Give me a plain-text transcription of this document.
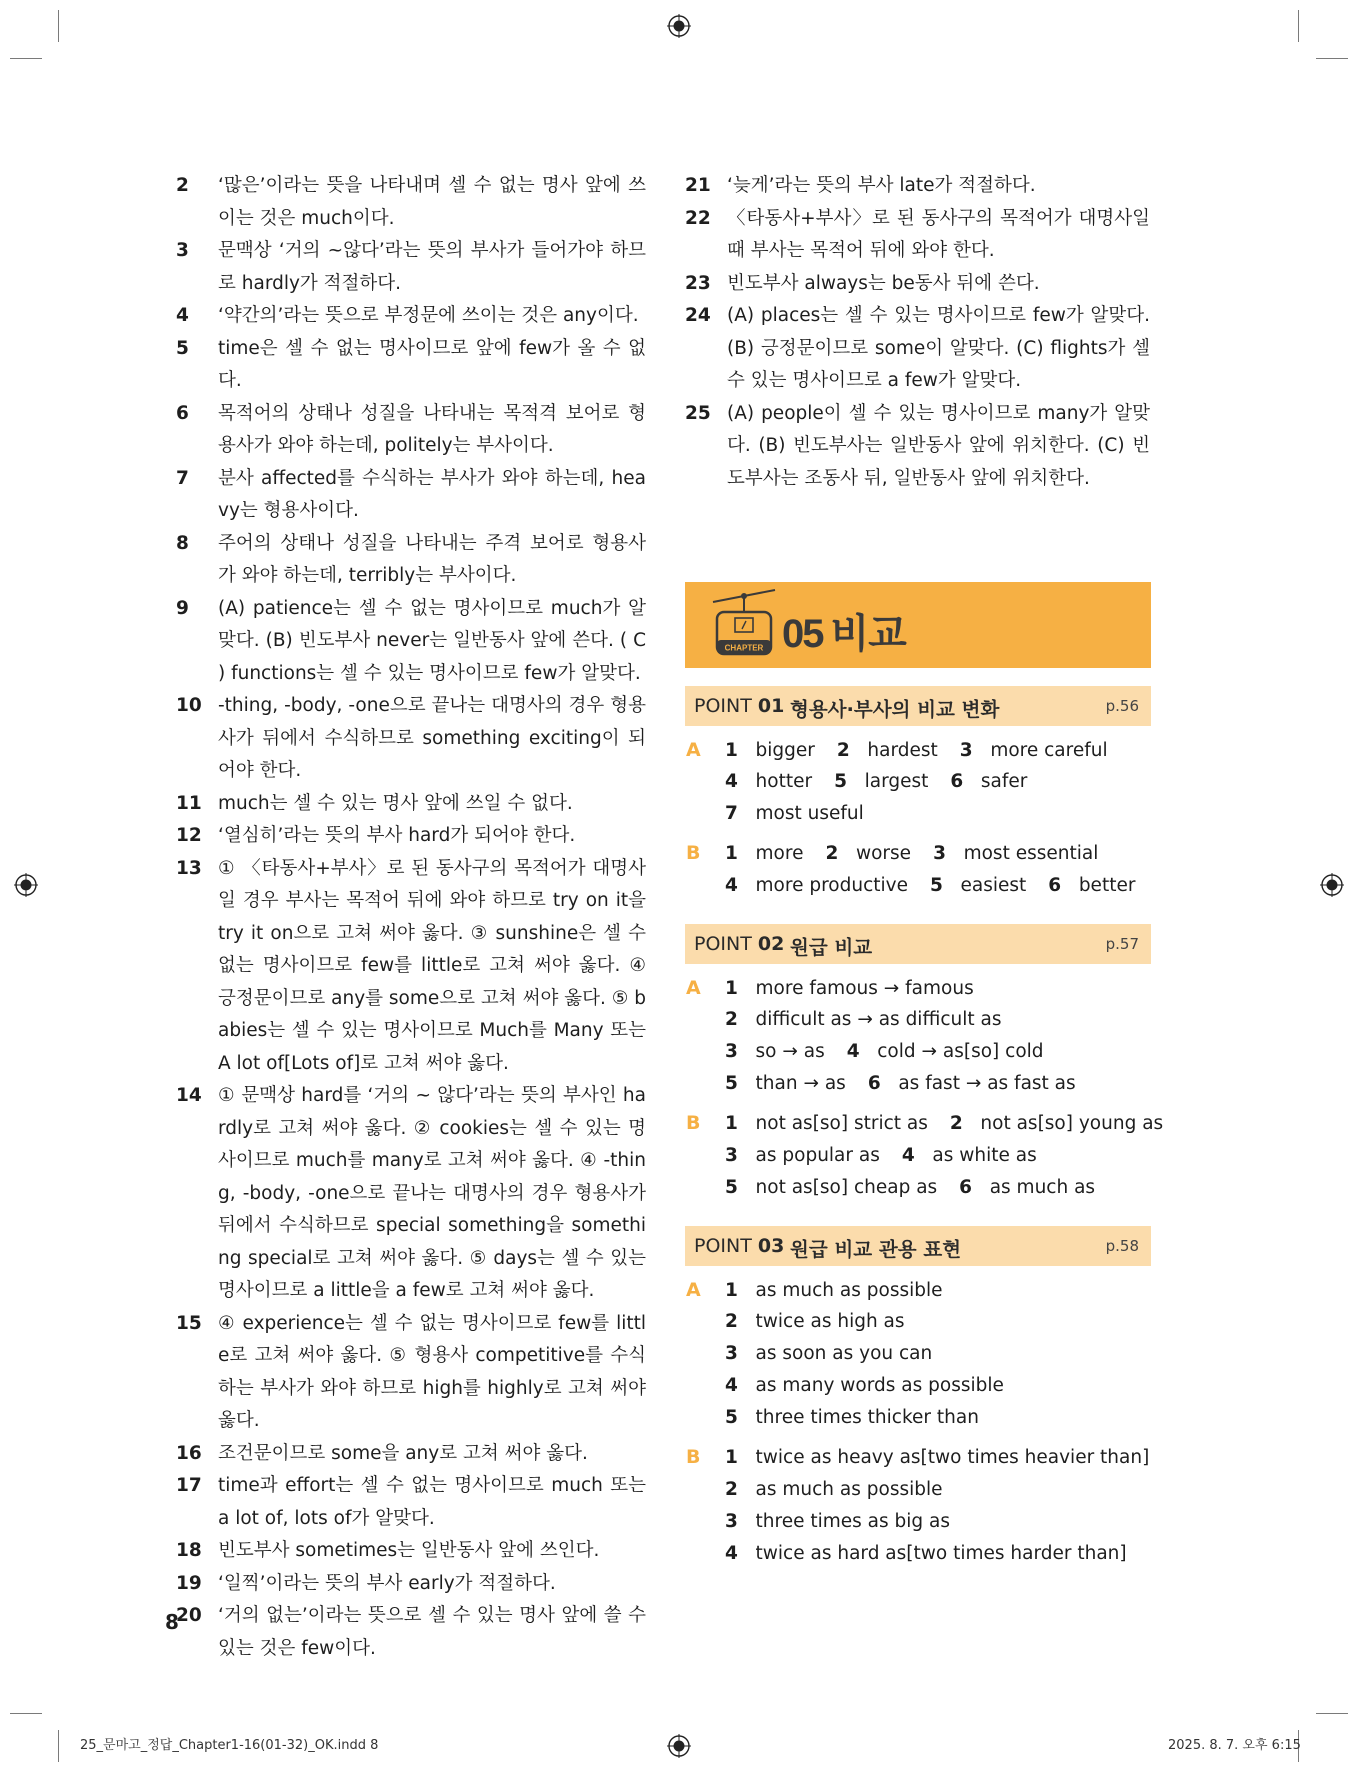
2	‘많은’이라는 뜻을 나타내며 셀 수 없는 명사 앞에 쓰이는 것은 much이다.
3	문맥상 ‘거의 ~않다’라는 뜻의 부사가 들어가야 하므로 hardly가 적절하다.
4	‘약간의’라는 뜻으로 부정문에 쓰이는 것은 any이다.
5	time은 셀 수 없는 명사이므로 앞에 few가 올 수 없다.
6	목적어의 상태나 성질을 나타내는 목적격 보어로 형용사가 와야 하는데, politely는 부사이다.
7	분사 affected를 수식하는 부사가 와야 하는데, heavy는 형용사이다.
8	주어의 상태나 성질을 나타내는 주격 보어로 형용사가 와야 하는데, terribly는 부사이다.
9	(A) patience는 셀 수 없는 명사이므로 much가 알맞다. (B) 빈도부사 never는 일반동사 앞에 쓴다. ( C ) functions는 셀 수 있는 명사이므로 few가 알맞다.
10 -thing, -body, -one으로 끝나는 대명사의 경우 형용사가 뒤에서 수식하므로 something exciting이 되어야 한다.
11 much는 셀 수 있는 명사 앞에 쓰일 수 없다.
12 ‘열심히’라는 뜻의 부사 hard가 되어야 한다.
13 ① 〈타동사+부사〉로 된 동사구의 목적어가 대명사일 경우 부사는 목적어 뒤에 와야 하므로 try on it을 try it on으로 고쳐 써야 옳다. ③ sunshine은 셀 수 없는 명사이므로 few를 little로 고쳐 써야 옳다. ④ 긍정문이므로 any를 some으로 고쳐 써야 옳다. ⑤ babies는 셀 수 있는 명사이므로 Much를 Many 또는 A lot of[Lots of]로 고쳐 써야 옳다.
14 ① 문맥상 hard를 ‘거의 ~ 않다’라는 뜻의 부사인 hardly로 고쳐 써야 옳다. ② cookies는 셀 수 있는 명사이므로 much를 many로 고쳐 써야 옳다. ④ -thing, -body, -one으로 끝나는 대명사의 경우 형용사가 뒤에서 수식하므로 special something을 something special로 고쳐 써야 옳다. ⑤ days는 셀 수 있는 명사이므로 a little을 a few로 고쳐 써야 옳다.
15 ④ experience는 셀 수 없는 명사이므로 few를 little로 고쳐 써야 옳다. ⑤ 형용사 competitive를 수식하는 부사가 와야 하므로 high를 highly로 고쳐 써야 옳다.
16 조건문이므로 some을 any로 고쳐 써야 옳다.
17 time과 effort는 셀 수 없는 명사이므로 much 또는 a lot of, lots of가 알맞다.
18 빈도부사 sometimes는 일반동사 앞에 쓰인다.
19 ‘일찍’이라는 뜻의 부사 early가 적절하다.
20 ‘거의 없는’이라는 뜻으로 셀 수 있는 명사 앞에 쓸 수 있는 것은 few이다.
21 ‘늦게’라는 뜻의 부사 late가 적절하다.
22 〈타동사+부사〉로 된 동사구의 목적어가 대명사일 때 부사는 목적어 뒤에 와야 한다.
23 빈도부사 always는 be동사 뒤에 쓴다.
24 (A) places는 셀 수 있는 명사이므로 few가 알맞다. (B) 긍정문이므로 some이 알맞다. (C) flights가 셀 수 있는 명사이므로 a few가 알맞다.
25 (A) people이 셀 수 있는 명사이므로 many가 알맞다. (B) 빈도부사는 일반동사 앞에 위치한다. (C) 빈도부사는 조동사 뒤, 일반동사 앞에 위치한다.
CHAPTER 05 비교
POINT 01 형용사·부사의 비교 변화	p.56
A 1 bigger 2 hardest 3 more careful
4 hotter 5 largest 6 safer
7 most useful
B 1 more 2 worse 3 most essential
4 more productive 5 easiest 6 better
POINT 02 원급 비교	p.57
A 1 more famous → famous
2 difficult as → as difficult as
3 so → as 4 cold → as[so] cold
5 than → as 6 as fast → as fast as
B 1 not as[so] strict as 2 not as[so] young as
3 as popular as 4 as white as
5 not as[so] cheap as 6 as much as
POINT 03 원급 비교 관용 표현	p.58
A 1 as much as possible
2 twice as high as
3 as soon as you can
4 as many words as possible
5 three times thicker than
B 1 twice as heavy as[two times heavier than]
2 as much as possible
3 three times as big as
4 twice as hard as[two times harder than]
8
25_문마고_정답_Chapter1-16(01-32)_OK.indd 8	2025. 8. 7. 오후 6:15
